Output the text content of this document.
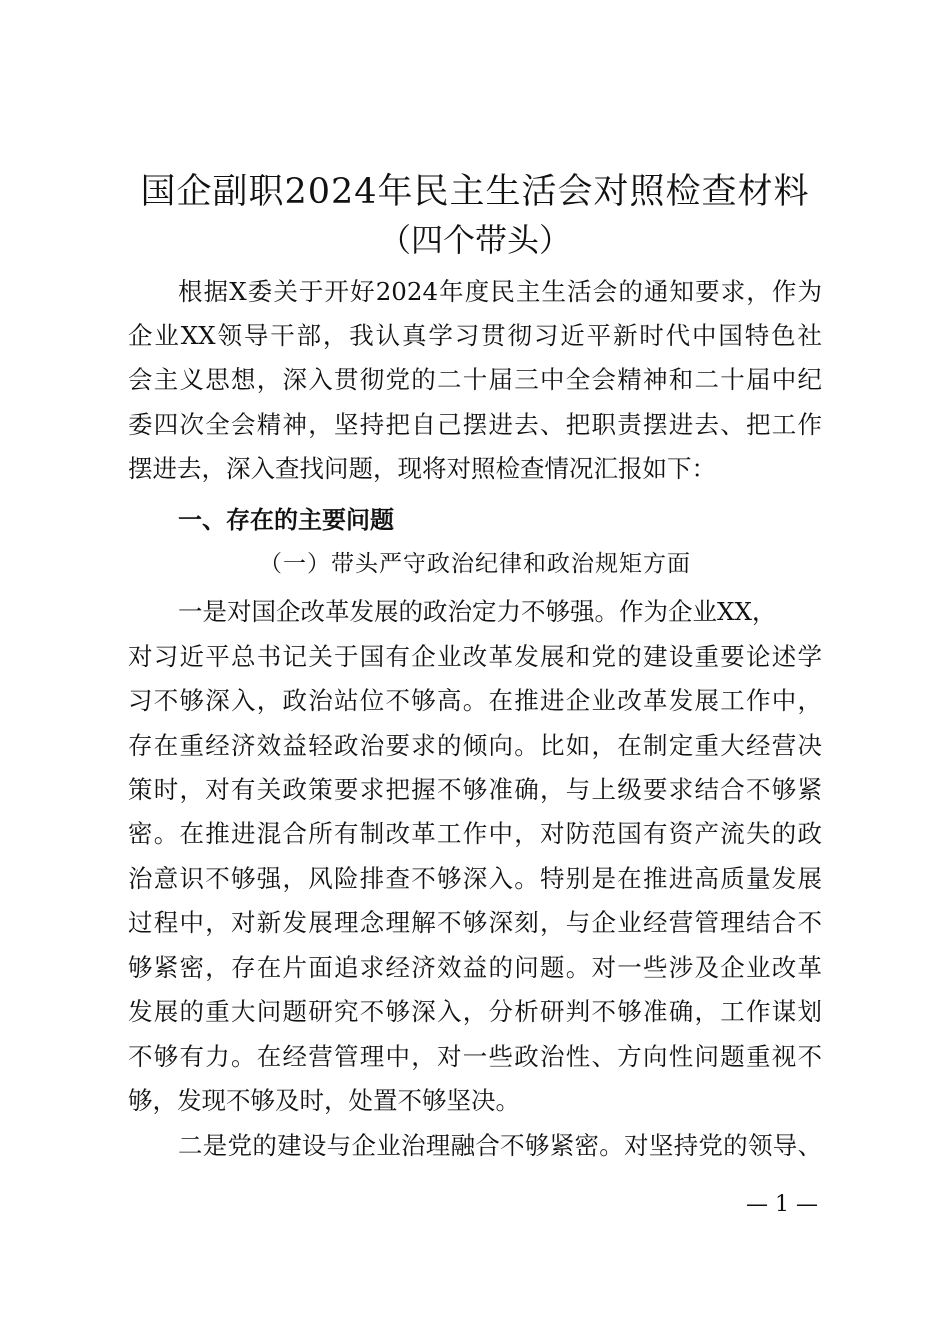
国企副职2024年民主生活会对照检查材料
（四个带头）
根据X委关于开好2024年度民主生活会的通知要求，作为
企业XX领导干部，我认真学习贯彻习近平新时代中国特色社
会主义思想，深入贯彻党的二十届三中全会精神和二十届中纪
委四次全会精神，坚持把自己摆进去、把职责摆进去、把工作
摆进去，深入查找问题，现将对照检查情况汇报如下：
一、存在的主要问题
（一）带头严守政治纪律和政治规矩方面
一是对国企改革发展的政治定力不够强。作为企业XX，
对习近平总书记关于国有企业改革发展和党的建设重要论述学
习不够深入，政治站位不够高。在推进企业改革发展工作中，
存在重经济效益轻政治要求的倾向。比如，在制定重大经营决
策时，对有关政策要求把握不够准确，与上级要求结合不够紧
密。在推进混合所有制改革工作中，对防范国有资产流失的政
治意识不够强，风险排查不够深入。特别是在推进高质量发展
过程中，对新发展理念理解不够深刻，与企业经营管理结合不
够紧密，存在片面追求经济效益的问题。对一些涉及企业改革
发展的重大问题研究不够深入，分析研判不够准确，工作谋划
不够有力。在经营管理中，对一些政治性、方向性问题重视不
够，发现不够及时，处置不够坚决。
二是党的建设与企业治理融合不够紧密。对坚持党的领导、
— 1 —
